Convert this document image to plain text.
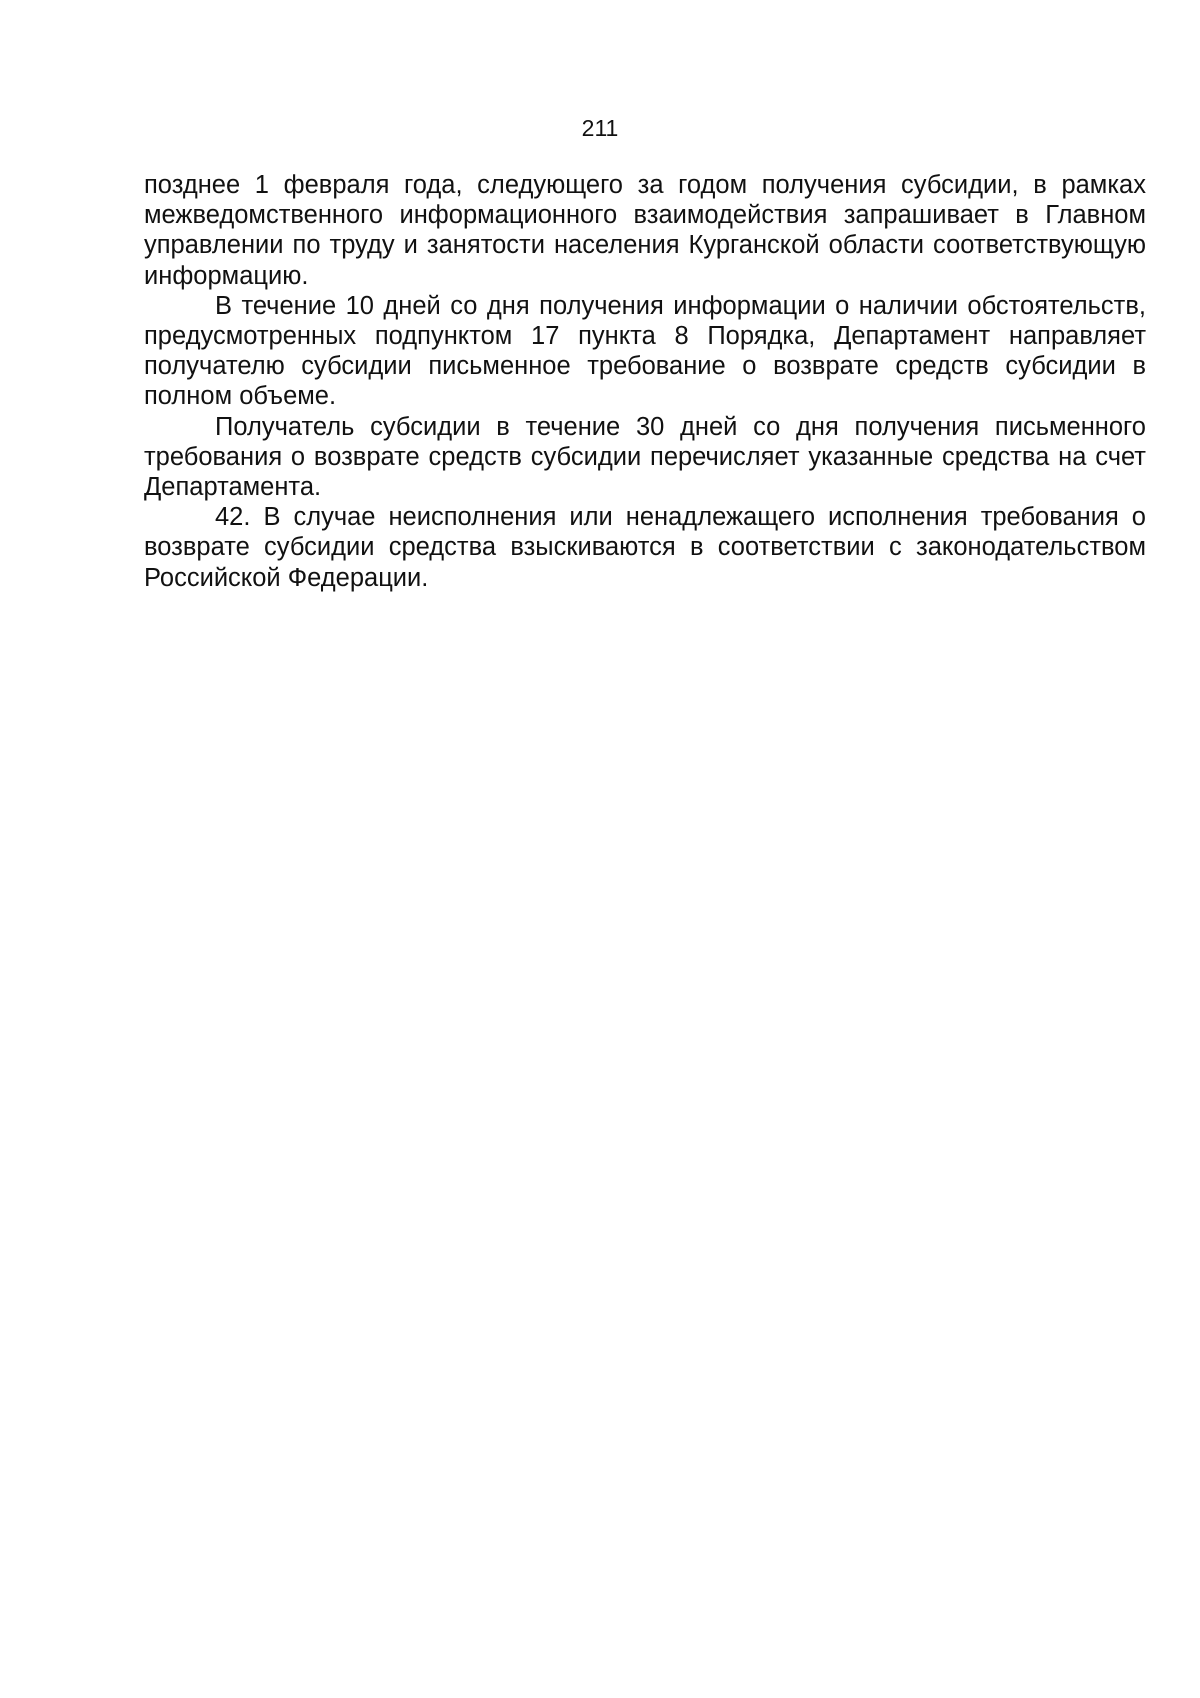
211

позднее 1 февраля года, следующего за годом получения субсидии, в рамках межведомственного информационного взаимодействия запрашивает в Главном управлении по труду и занятости населения Курганской области соответствующую информацию.

В течение 10 дней со дня получения информации о наличии обстоятельств, предусмотренных подпунктом 17 пункта 8 Порядка, Департамент направляет получателю субсидии письменное требование о возврате средств субсидии в полном объеме.

Получатель субсидии в течение 30 дней со дня получения письменного требования о возврате средств субсидии перечисляет указанные средства на счет Департамента.

42. В случае неисполнения или ненадлежащего исполнения требования о возврате субсидии средства взыскиваются в соответствии с законодательством Российской Федерации.
